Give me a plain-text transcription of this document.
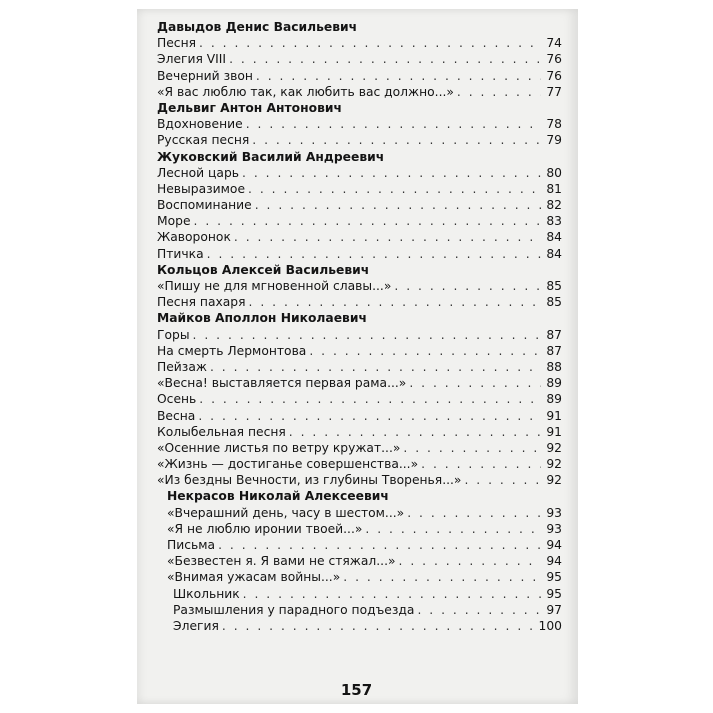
Давыдов Денис Васильевич
Песня . . .	74
Элегия VIII . . .	76
Вечерний звон . . .	76
«Я вас люблю так, как любить вас должно...» . . .	77
Дельвиг Антон Антонович
Вдохновение . . .	78
Русская песня . . .	79
Жуковский Василий Андреевич
Лесной царь . . .	80
Невыразимое . . .	81
Воспоминание . . .	82
Море . . .	83
Жаворонок . . .	84
Птичка . . .	84
Кольцов Алексей Васильевич
«Пишу не для мгновенной славы...» . . .	85
Песня пахаря . . .	85
Майков Аполлон Николаевич
Горы . . .	87
На смерть Лермонтова . . .	87
Пейзаж . . .	88
«Весна! выставляется первая рама...» . . .	89
Осень . . .	89
Весна . . .	91
Колыбельная песня . . .	91
«Осенние листья по ветру кружат...» . . .	92
«Жизнь — достиганье совершенства...» . . .	92
«Из бездны Вечности, из глубины Творенья...» . . .	92
Некрасов Николай Алексеевич
«Вчерашний день, часу в шестом...» . . .	93
«Я не люблю иронии твоей...» . . .	93
Письма . . .	94
«Безвестен я. Я вами не стяжал...» . . .	94
«Внимая ужасам войны...» . . .	95
Школьник . . .	95
Размышления у парадного подъезда . . .	97
Элегия . . .	100
157
